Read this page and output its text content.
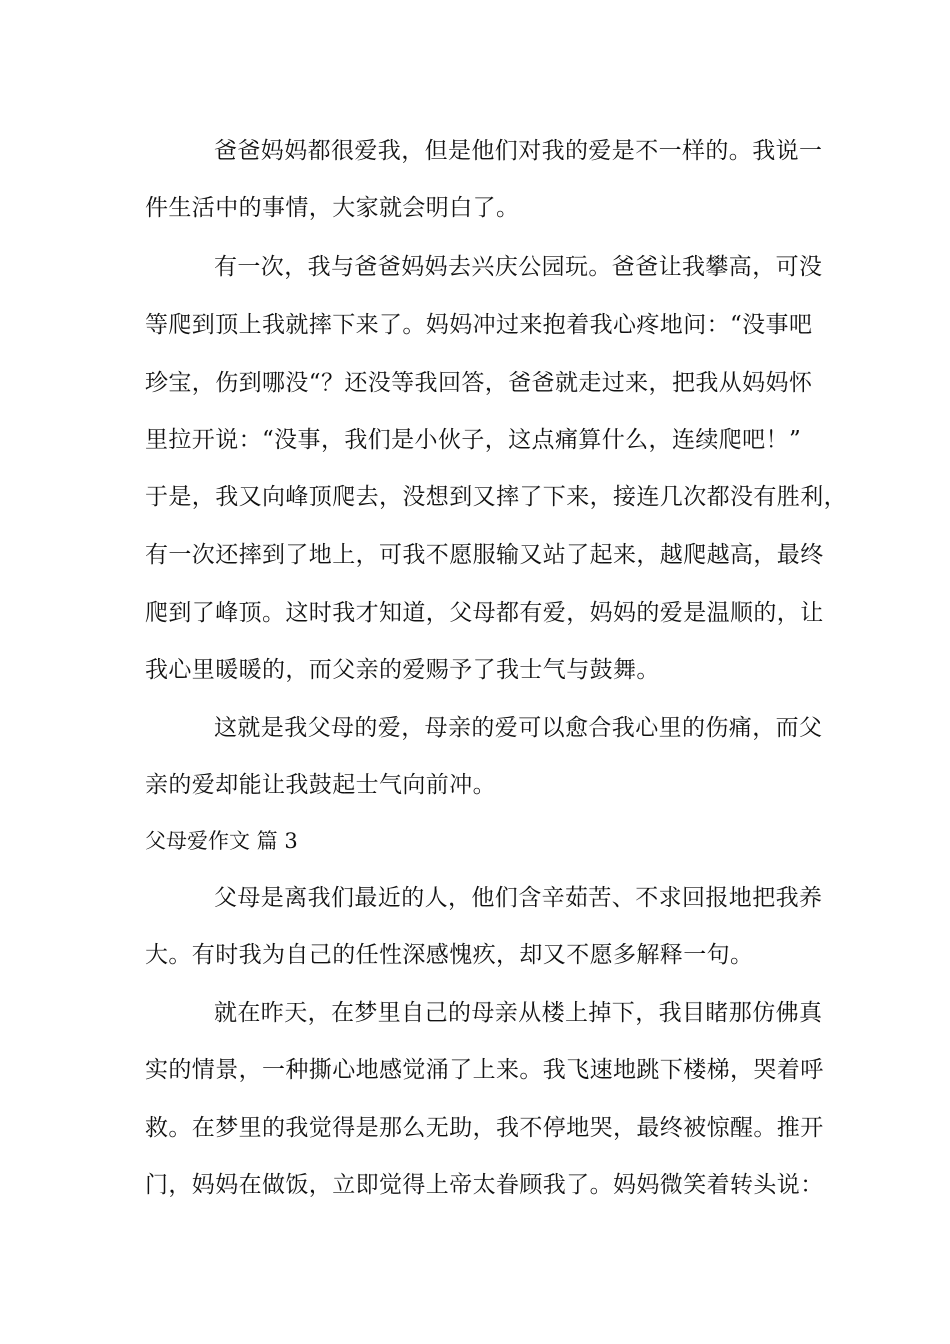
爸爸妈妈都很爱我，但是他们对我的爱是不一样的。我说一
件生活中的事情，大家就会明白了。
有一次，我与爸爸妈妈去兴庆公园玩。爸爸让我攀高，可没
等爬到顶上我就摔下来了。妈妈冲过来抱着我心疼地问：“没事吧
珍宝，伤到哪没“？还没等我回答，爸爸就走过来，把我从妈妈怀
里拉开说：“没事，我们是小伙子，这点痛算什么，连续爬吧！”
于是，我又向峰顶爬去，没想到又摔了下来，接连几次都没有胜利，
有一次还摔到了地上，可我不愿服输又站了起来，越爬越高，最终
爬到了峰顶。这时我才知道，父母都有爱，妈妈的爱是温顺的，让
我心里暖暖的，而父亲的爱赐予了我士气与鼓舞。
这就是我父母的爱，母亲的爱可以愈合我心里的伤痛，而父
亲的爱却能让我鼓起士气向前冲。
父母爱作文 篇 3
父母是离我们最近的人，他们含辛茹苦、不求回报地把我养
大。有时我为自己的任性深感愧疚，却又不愿多解释一句。
就在昨天，在梦里自己的母亲从楼上掉下，我目睹那仿佛真
实的情景，一种撕心地感觉涌了上来。我飞速地跳下楼梯，哭着呼
救。在梦里的我觉得是那么无助，我不停地哭，最终被惊醒。推开
门，妈妈在做饭，立即觉得上帝太眷顾我了。妈妈微笑着转头说：
